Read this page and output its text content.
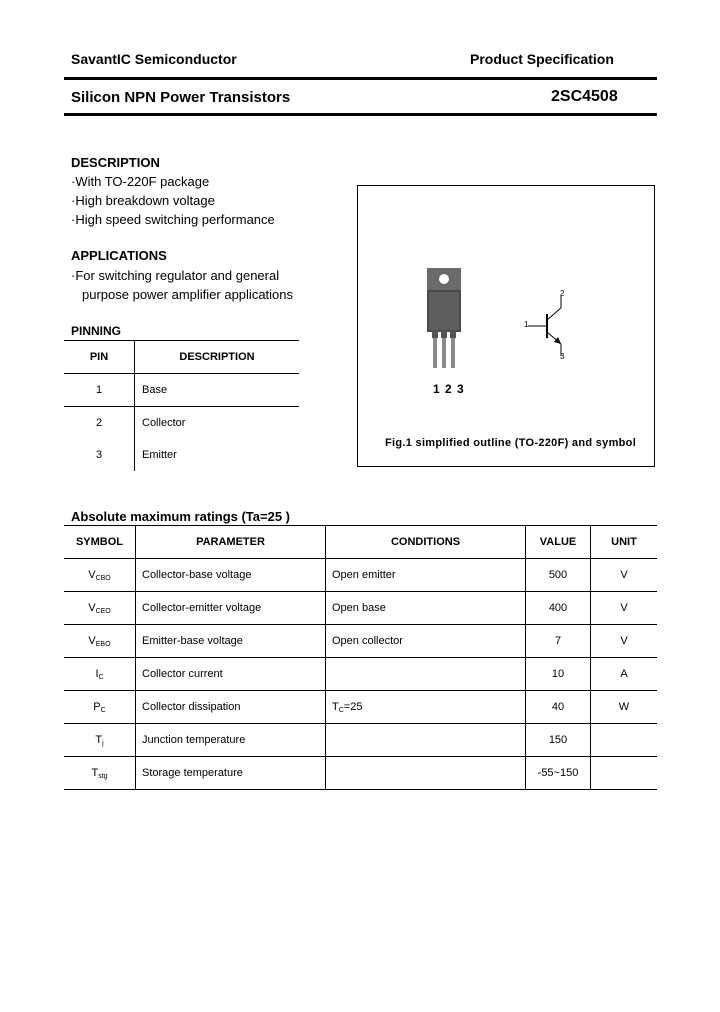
SavantIC Semiconductor	Product Specification
Silicon NPN Power Transistors	2SC4508
DESCRIPTION
·With TO-220F package
·High breakdown voltage
·High speed switching performance
APPLICATIONS
·For switching regulator and general
purpose power amplifier applications
PINNING
PIN	DESCRIPTION
1	Base
2	Collector
3	Emitter
1 2 3
1
2
3
Fig.1 simplified outline (TO-220F) and symbol
Absolute maximum ratings (Ta=25 )
SYMBOL	PARAMETER	CONDITIONS	VALUE	UNIT
$V_{CBO}$	Collector-base voltage	Open emitter	500	V
$V_{CEO}$	Collector-emitter voltage	Open base	400	V
$V_{EBO}$	Emitter-base voltage	Open collector	7	V
$I_C$	Collector current		10	A
$P_C$	Collector dissipation	$T_C=25$	40	W
$T_j$	Junction temperature		150	
$T_{stg}$	Storage temperature		-55~150	
